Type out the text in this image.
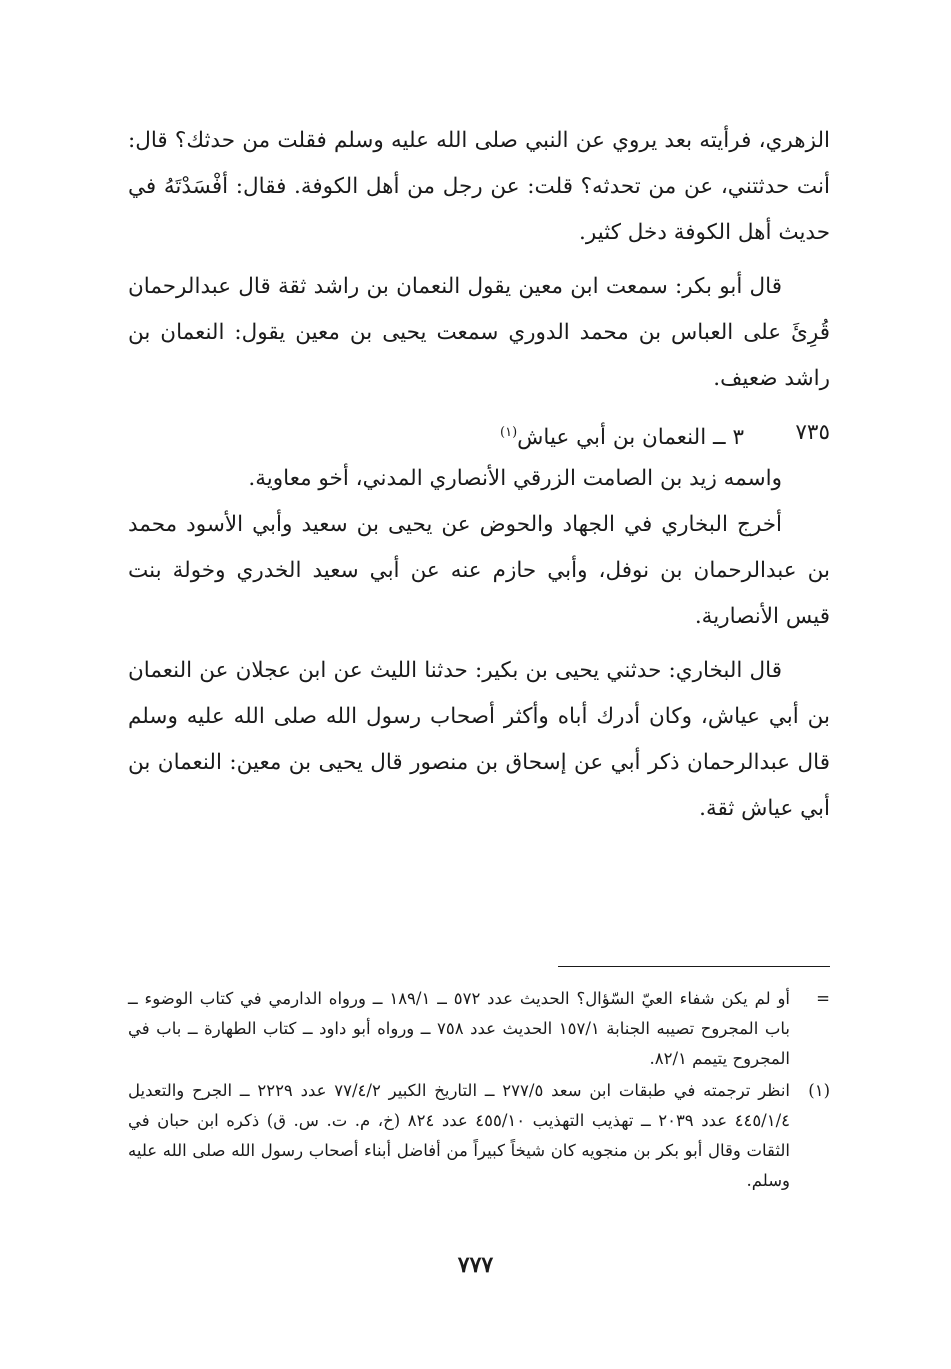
الزهري، فرأيته بعد يروي عن النبي صلى الله عليه وسلم فقلت من حدثك؟ قال: أنت حدثتني، عن من تحدثه؟ قلت: عن رجل من أهل الكوفة. فقال: أفْسَدْتَهُ في حديث أهل الكوفة دخل كثير.

قال أبو بكر: سمعت ابن معين يقول النعمان بن راشد ثقة قال عبدالرحمان قُرِئَ على العباس بن محمد الدوري سمعت يحيى بن معين يقول: النعمان بن راشد ضعيف.

٧٣٥
٣ ــ النعمان بن أبي عياش$^{(١)}$

واسمه زيد بن الصامت الزرقي الأنصاري المدني، أخو معاوية.

أخرج البخاري في الجهاد والحوض عن يحيى بن سعيد وأبي الأسود محمد بن عبدالرحمان بن نوفل، وأبي حازم عنه عن أبي سعيد الخدري وخولة بنت قيس الأنصارية.

قال البخاري: حدثني يحيى بن بكير: حدثنا الليث عن ابن عجلان عن النعمان بن أبي عياش، وكان أدرك أباه وأكثر أصحاب رسول الله صلى الله عليه وسلم قال عبدالرحمان ذكر أبي عن إسحاق بن منصور قال يحيى بن معين: النعمان بن أبي عياش ثقة.

=
أو لم يكن شفاء العيّ السّؤال؟ الحديث عدد ٥٧٢ ــ ١٨٩/١ ــ ورواه الدارمي في كتاب الوضوء ــ باب المجروح تصيبه الجنابة ١٥٧/١ الحديث عدد ٧٥٨ ــ ورواه أبو داود ــ كتاب الطهارة ــ باب في المجروح يتيمم ٨٢/١.

(١)
انظر ترجمته في طبقات ابن سعد ٢٧٧/٥ ــ التاريخ الكبير ٧٧/٤/٢ عدد ٢٢٢٩ ــ الجرح والتعديل ٤٤٥/١/٤ عدد ٢٠٣٩ ــ تهذيب التهذيب ٤٥٥/١٠ عدد ٨٢٤ (خ، م. ت. س. ق) ذكره ابن حبان في الثقات وقال أبو بكر بن منجويه كان شيخاً كبيراً من أفاضل أبناء أصحاب رسول الله صلى الله عليه وسلم.

٧٧٧
